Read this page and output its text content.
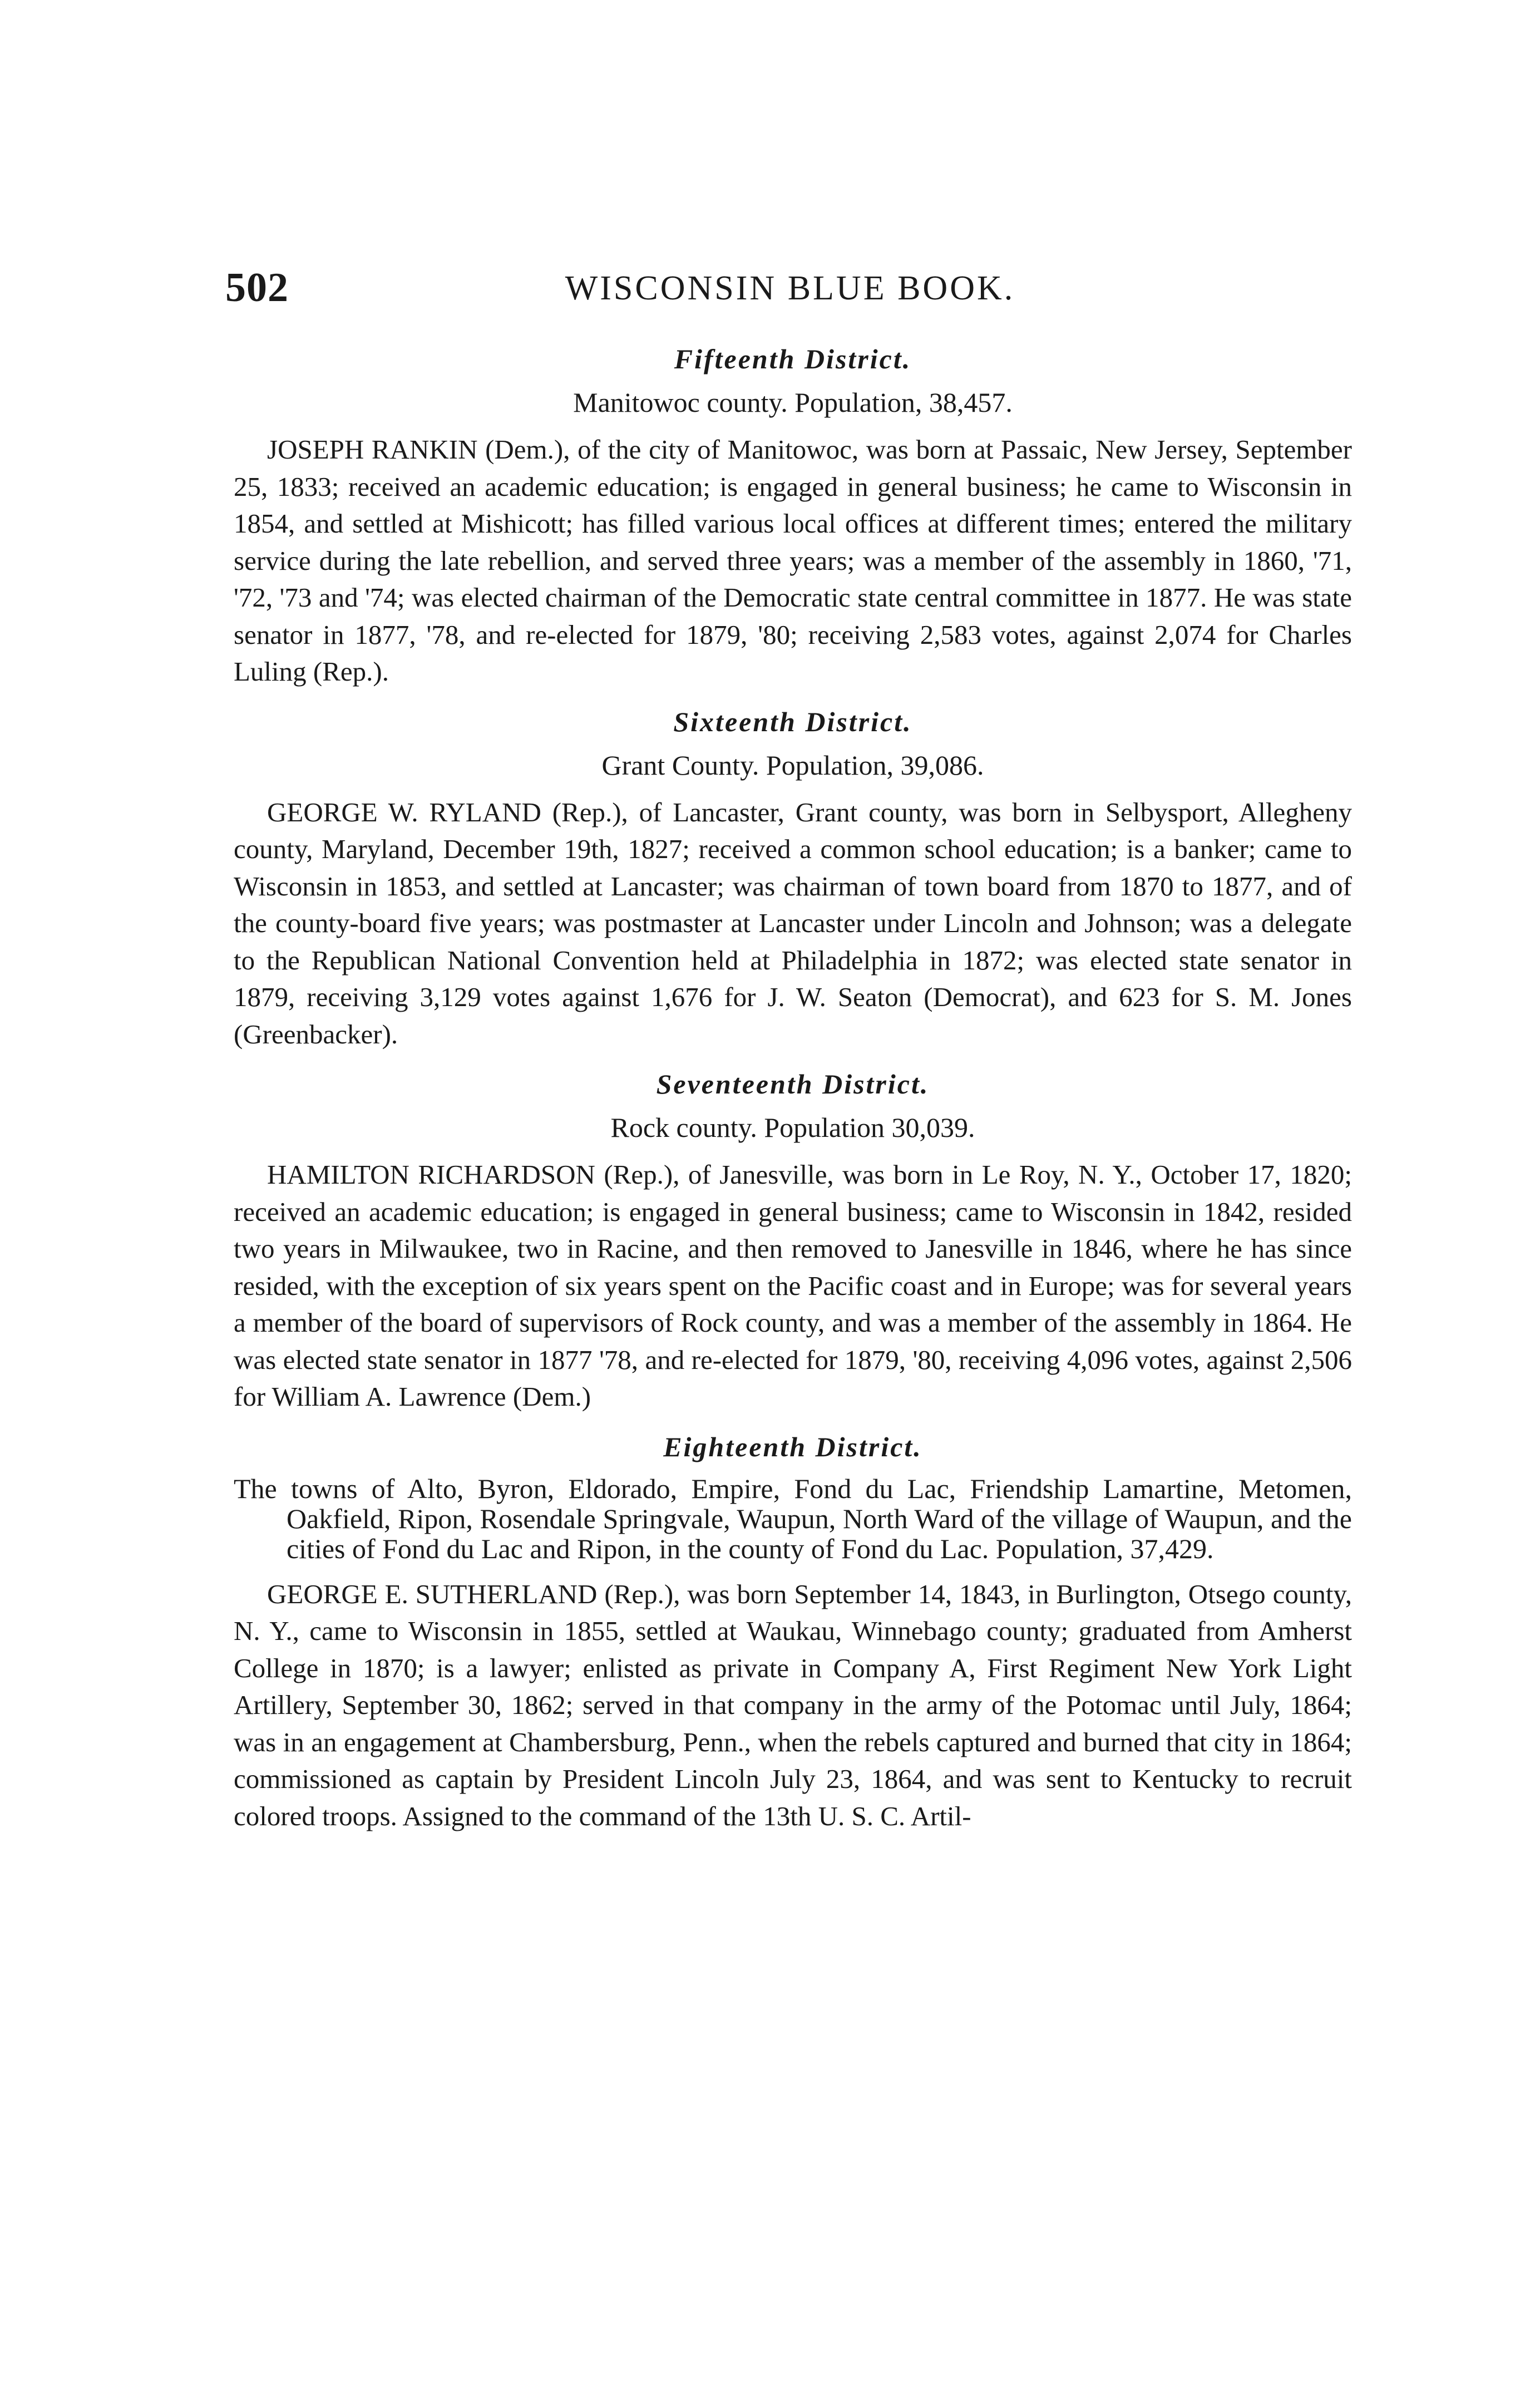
502	WISCONSIN BLUE BOOK.
Fifteenth District.
Manitowoc county. Population, 38,457.

JOSEPH RANKIN (Dem.), of the city of Manitowoc, was born at Passaic, New Jersey, September 25, 1833; received an academic education; is engaged in general business; he came to Wisconsin in 1854, and settled at Mishicott; has filled various local offices at different times; entered the military service during the late rebellion, and served three years; was a member of the assembly in 1860, '71, '72, '73 and '74; was elected chairman of the Democratic state central committee in 1877. He was state senator in 1877, '78, and re-elected for 1879, '80; receiving 2,583 votes, against 2,074 for Charles Luling (Rep.).

Sixteenth District.
Grant County. Population, 39,086.

GEORGE W. RYLAND (Rep.), of Lancaster, Grant county, was born in Selbysport, Allegheny county, Maryland, December 19th, 1827; received a common school education; is a banker; came to Wisconsin in 1853, and settled at Lancaster; was chairman of town board from 1870 to 1877, and of the county-board five years; was postmaster at Lancaster under Lincoln and Johnson; was a delegate to the Republican National Convention held at Philadelphia in 1872; was elected state senator in 1879, receiving 3,129 votes against 1,676 for J. W. Seaton (Democrat), and 623 for S. M. Jones (Greenbacker).

Seventeenth District.
Rock county. Population 30,039.

HAMILTON RICHARDSON (Rep.), of Janesville, was born in Le Roy, N. Y., October 17, 1820; received an academic education; is engaged in general business; came to Wisconsin in 1842, resided two years in Milwaukee, two in Racine, and then removed to Janesville in 1846, where he has since resided, with the exception of six years spent on the Pacific coast and in Europe; was for several years a member of the board of supervisors of Rock county, and was a member of the assembly in 1864. He was elected state senator in 1877 '78, and re-elected for 1879, '80, receiving 4,096 votes, against 2,506 for William A. Lawrence (Dem.)

Eighteenth District.
The towns of Alto, Byron, Eldorado, Empire, Fond du Lac, Friendship Lamartine, Metomen, Oakfield, Ripon, Rosendale Springvale, Waupun, North Ward of the village of Waupun, and the cities of Fond du Lac and Ripon, in the county of Fond du Lac. Population, 37,429.

GEORGE E. SUTHERLAND (Rep.), was born September 14, 1843, in Burlington, Otsego county, N. Y., came to Wisconsin in 1855, settled at Waukau, Winnebago county; graduated from Amherst College in 1870; is a lawyer; enlisted as private in Company A, First Regiment New York Light Artillery, September 30, 1862; served in that company in the army of the Potomac until July, 1864; was in an engagement at Chambersburg, Penn., when the rebels captured and burned that city in 1864; commissioned as captain by President Lincoln July 23, 1864, and was sent to Kentucky to recruit colored troops. Assigned to the command of the 13th U. S. C. Artil-
